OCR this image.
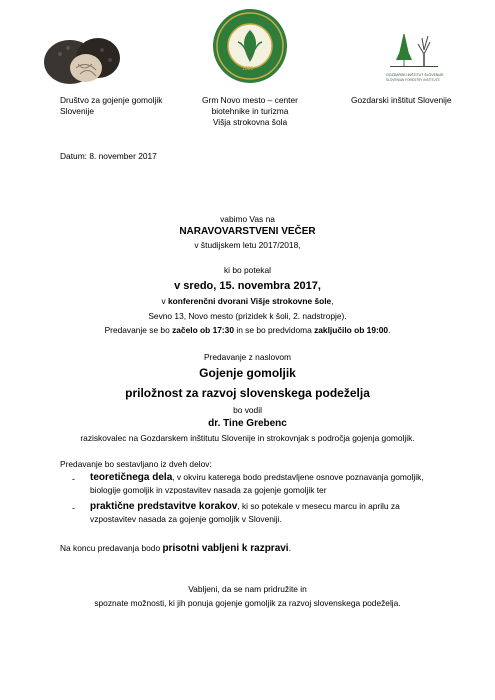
1886
GOZDARSKI INŠTITUT SLOVENIJE
SLOVENIAN FORESTRY INSTITUTE
Društvo za gojenje gomoljik
Slovenije
Grm Novo mesto – center
biotehnike in turizma
Višja strokovna šola
Gozdarski inštitut Slovenije
Datum: 8. november 2017
vabimo Vas na
NARAVOVARSTVENI VEČER
v študijskem letu 2017/2018,
ki bo potekal
v sredo, 15. novembra 2017,
v konferenčni dvorani Višje strokovne šole,
Sevno 13, Novo mesto (prizidek k šoli, 2. nadstropje).
Predavanje se bo začelo ob 17:30 in se bo predvidoma zaključilo ob 19:00.
Predavanje z naslovom
Gojenje gomoljik
priložnost za razvoj slovenskega podeželja
bo vodil
dr. Tine Grebenc
raziskovalec na Gozdarskem inštitutu Slovenije in strokovnjak s področja gojenja gomoljik.
Predavanje bo sestavljano iz dveh delov:
- teoretičnega dela, v okviru katerega bodo predstavljene osnove poznavanja gomoljik,
biologije gomoljik in vzpostavitev nasada za gojenje gomoljik ter
- praktične predstavitve korakov, ki so potekale v mesecu marcu in aprilu za
vzpostavitev nasada za gojenje gomoljik v Sloveniji.
Na koncu predavanja bodo prisotni vabljeni k razpravi.
Vabljeni, da se nam pridružite in
spoznate možnosti, ki jih ponuja gojenje gomoljik za razvoj slovenskega podeželja.
